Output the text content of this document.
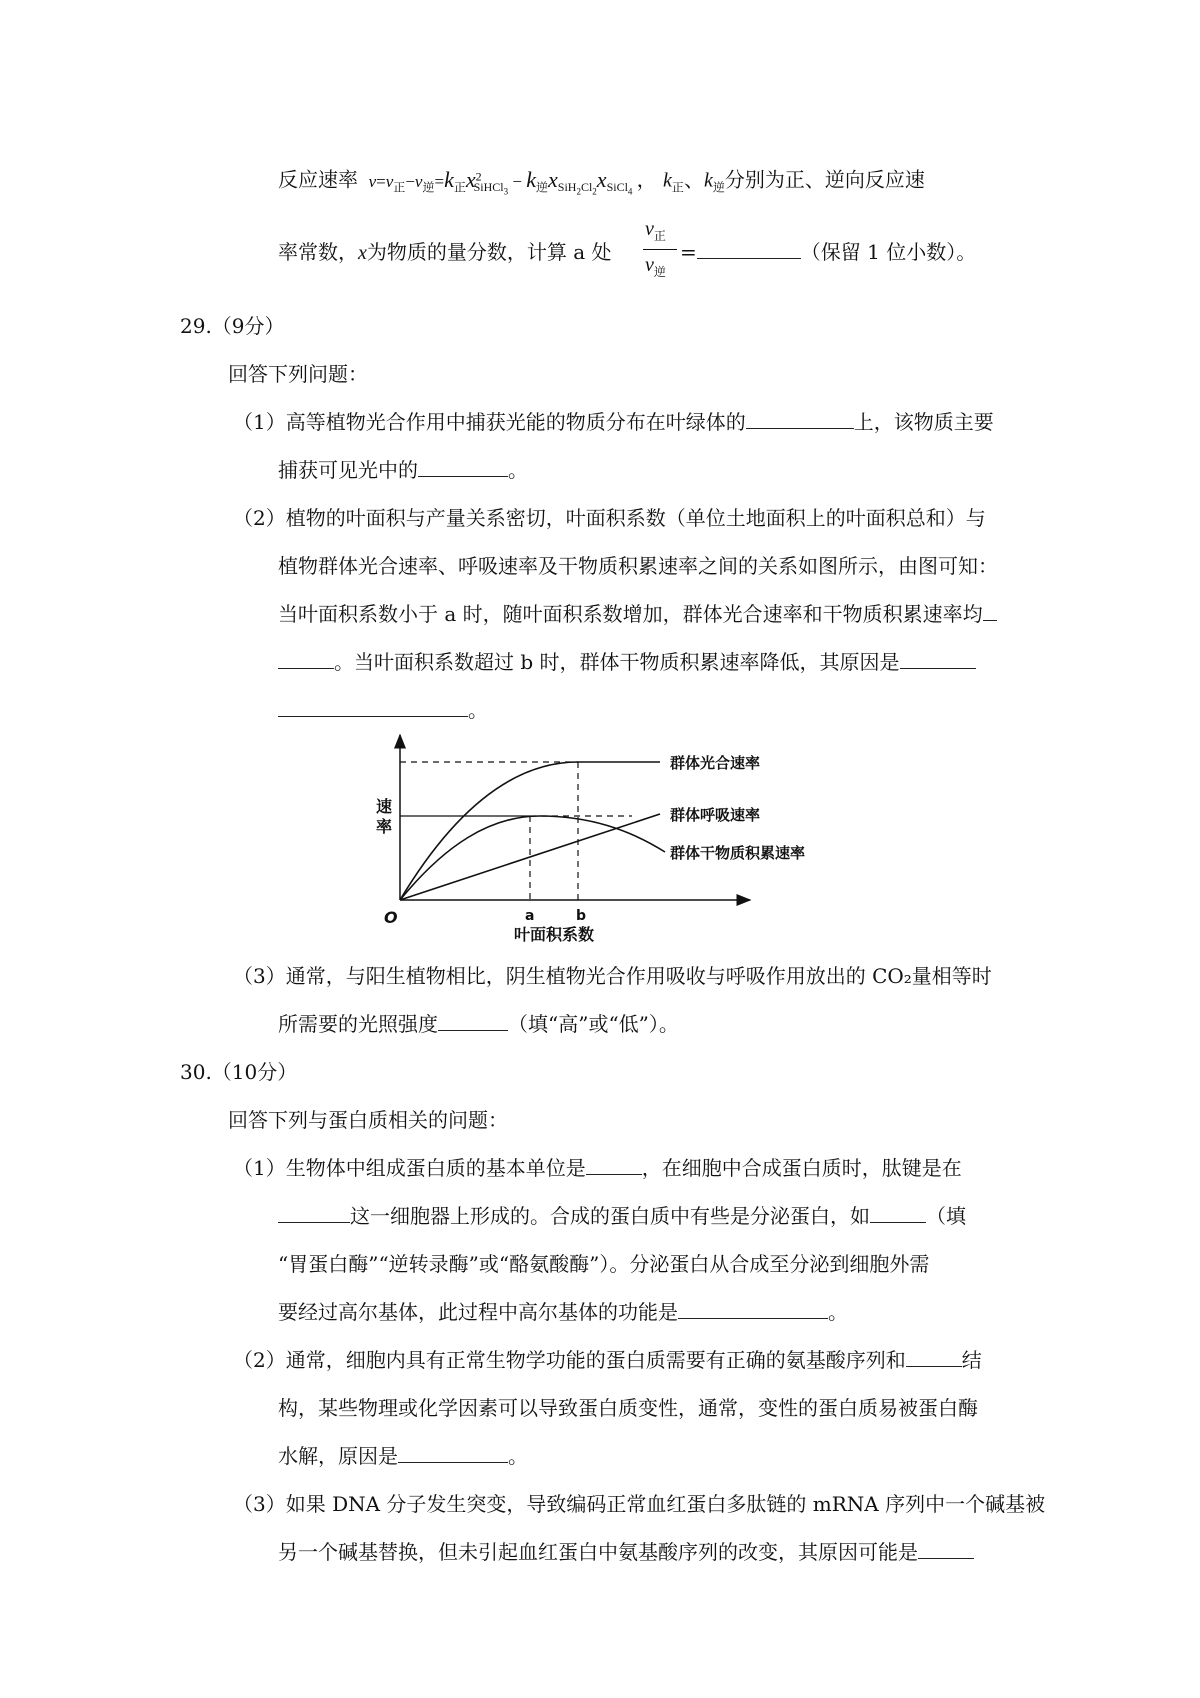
反应速率 $v=v_正-v_逆=k_正x^2_{SiHCl_3} - k_逆x_{SiH_2Cl_2}x_{SiCl_4}$ ， $k_正$、$k_逆$分别为正、逆向反应速
率常数，x为物质的量分数，计算 a 处
$v_正$
$v_逆$
=	（保留 1 位小数）。
29.（9分）
回答下列问题：
（1）高等植物光合作用中捕获光能的物质分布在叶绿体的	上，该物质主要
捕获可见光中的	。
（2）植物的叶面积与产量关系密切，叶面积系数（单位土地面积上的叶面积总和）与
植物群体光合速率、呼吸速率及干物质积累速率之间的关系如图所示，由图可知：
当叶面积系数小于 a 时，随叶面积系数增加，群体光合速率和干物质积累速率均
。当叶面积系数超过 b 时，群体干物质积累速率降低，其原因是
。
速
率
O	a	b
叶面积系数
群体光合速率
群体呼吸速率
群体干物质积累速率
（3）通常，与阳生植物相比，阴生植物光合作用吸收与呼吸作用放出的 CO₂量相等时
所需要的光照强度	（填“高”或“低”）。
30.（10分）
回答下列与蛋白质相关的问题：
（1）生物体中组成蛋白质的基本单位是	，在细胞中合成蛋白质时，肽键是在
这一细胞器上形成的。合成的蛋白质中有些是分泌蛋白，如	（填
“胃蛋白酶”“逆转录酶”或“酪氨酸酶”）。分泌蛋白从合成至分泌到细胞外需
要经过高尔基体，此过程中高尔基体的功能是	。
（2）通常，细胞内具有正常生物学功能的蛋白质需要有正确的氨基酸序列和	结
构，某些物理或化学因素可以导致蛋白质变性，通常，变性的蛋白质易被蛋白酶
水解，原因是	。
（3）如果 DNA 分子发生突变，导致编码正常血红蛋白多肽链的 mRNA 序列中一个碱基被
另一个碱基替换，但未引起血红蛋白中氨基酸序列的改变，其原因可能是
